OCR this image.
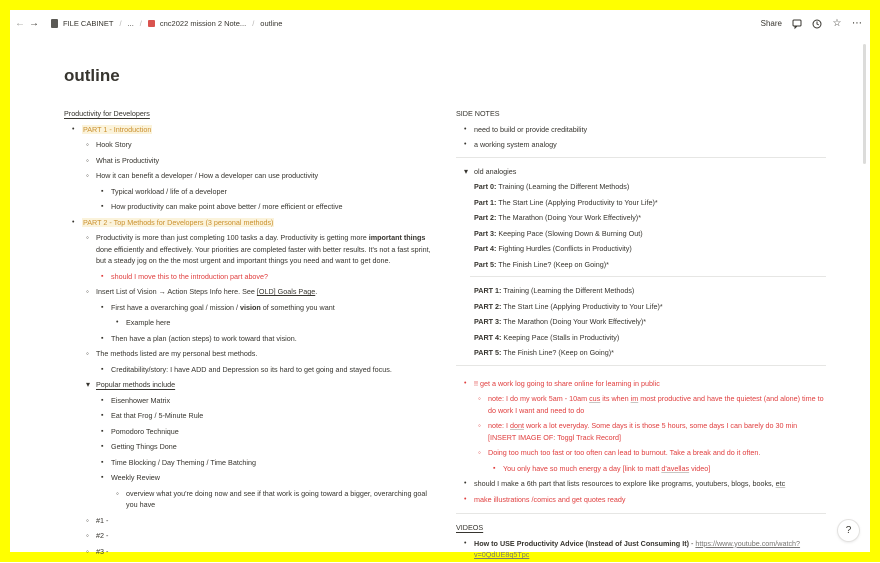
← →	FILE CABINET / ... / cnc2022 mission 2 Note... / outline	Share	☆ ⋯
outline
Productivity for Developers
•
PART 1 - Introduction
◦
Hook Story
◦
What is Productivity
◦
How it can benefit a developer / How a developer can use productivity
▪
Typical workload / life of a developer
▪
How productivity can make point above better / more efficient or effective
•
PART 2 - Top Methods for Developers (3 personal methods)
◦
Productivity is more than just completing 100 tasks a day. Productivity is getting more important things done efficiently and effectively. Your priorities are completed faster with better results. It's not a fast sprint, but a steady jog on the the most urgent and important things you need and want to get done.
▪
should I move this to the introduction part above?
◦
Insert List of Vision → Action Steps Info here. See [OLD] Goals Page.
▪
First have a overarching goal / mission / vision of something you want
•
Example here
▪
Then have a plan (action steps) to work toward that vision.
◦
The methods listed are my personal best methods.
▪
Creditability/story: I have ADD and Depression so its hard to get going and stayed focus.
▾
Popular methods include
▪
Eisenhower Matrix
▪
Eat that Frog / 5-Minute Rule
▪
Pomodoro Technique
▪
Getting Things Done
▪
Time Blocking / Day Theming / Time Batching
▪
Weekly Review
◦
overview what you're doing now and see if that work is going toward a bigger, overarching goal you have
◦
#1 -
◦
#2 -
◦
#3 -
SIDE NOTES
•
need to build or provide creditability
•
a working system analogy
▾
old analogies
Part 0: Training (Learning the Different Methods)
Part 1: The Start Line (Applying Productivity to Your Life)*
Part 2: The Marathon (Doing Your Work Effectively)*
Part 3: Keeping Pace (Slowing Down & Burning Out)
Part 4: Fighting Hurdles (Conflicts in Productivity)
Part 5: The Finish Line? (Keep on Going)*
PART 1: Training (Learning the Different Methods)
PART 2: The Start Line (Applying Productivity to Your Life)*
PART 3: The Marathon (Doing Your Work Effectively)*
PART 4: Keeping Pace (Stalls in Productivity)
PART 5: The Finish Line? (Keep on Going)*
•
!! get a work log going to share online for learning in public
◦
note: I do my work 5am - 10am cus its when im most productive and have the quietest (and alone) time to do work I want and need to do
◦
note: I dont work a lot everyday. Some days it is those 5 hours, some days I can barely do 30 min [INSERT IMAGE OF: Toggl Track Record]
◦
Doing too much too fast or too often can lead to burnout. Take a break and do it often.
▪
You only have so much energy a day [link to matt d'avellas video]
•
should I make a 6th part that lists resources to explore like programs, youtubers, blogs, books, etc
•
make illustrations /comics and get quotes ready
VIDEOS
•
How to USE Productivity Advice (Instead of Just Consuming It) - https://www.youtube.com/watch?
v=0QdUE8q5Tpc
?
